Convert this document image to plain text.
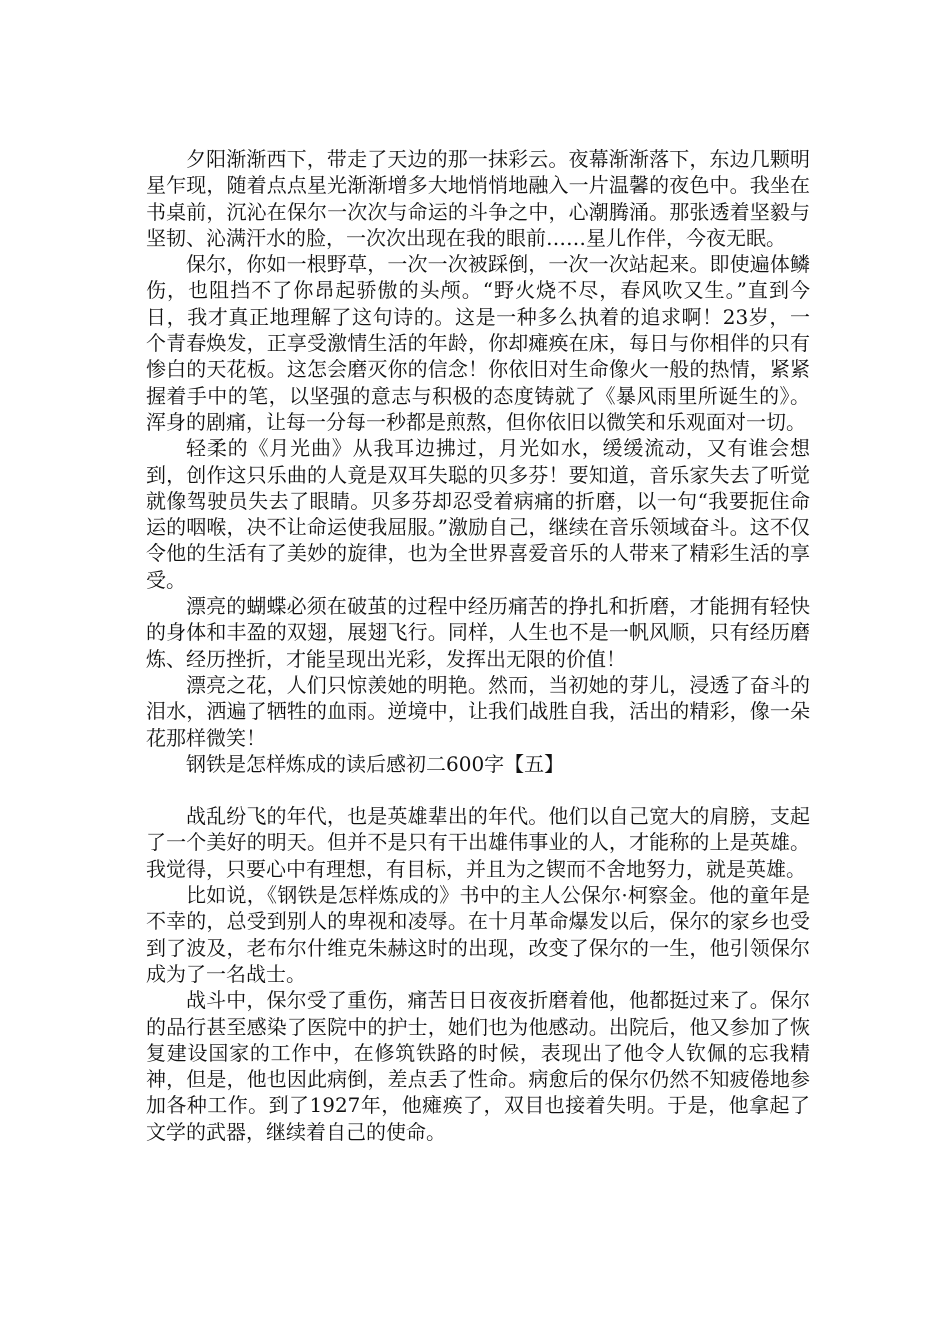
夕阳渐渐西下，带走了天边的那一抹彩云。夜幕渐渐落下，东边几颗明星乍现，随着点点星光渐渐增多大地悄悄地融入一片温馨的夜色中。我坐在书桌前，沉沁在保尔一次次与命运的斗争之中，心潮腾涌。那张透着坚毅与坚韧、沁满汗水的脸，一次次出现在我的眼前……星儿作伴，今夜无眠。

保尔，你如一根野草，一次一次被踩倒，一次一次站起来。即使遍体鳞伤，也阻挡不了你昂起骄傲的头颅。“野火烧不尽，春风吹又生。”直到今日，我才真正地理解了这句诗的。这是一种多么执着的追求啊！23岁，一个青春焕发，正享受激情生活的年龄，你却瘫痪在床，每日与你相伴的只有惨白的天花板。这怎会磨灭你的信念！你依旧对生命像火一般的热情，紧紧握着手中的笔，以坚强的意志与积极的态度铸就了《暴风雨里所诞生的》。浑身的剧痛，让每一分每一秒都是煎熬，但你依旧以微笑和乐观面对一切。

轻柔的《月光曲》从我耳边拂过，月光如水，缓缓流动，又有谁会想到，创作这只乐曲的人竟是双耳失聪的贝多芬！要知道，音乐家失去了听觉就像驾驶员失去了眼睛。贝多芬却忍受着病痛的折磨，以一句“我要扼住命运的咽喉，决不让命运使我屈服。”激励自己，继续在音乐领域奋斗。这不仅令他的生活有了美妙的旋律，也为全世界喜爱音乐的人带来了精彩生活的享受。

漂亮的蝴蝶必须在破茧的过程中经历痛苦的挣扎和折磨，才能拥有轻快的身体和丰盈的双翅，展翅飞行。同样，人生也不是一帆风顺，只有经历磨炼、经历挫折，才能呈现出光彩，发挥出无限的价值！

漂亮之花，人们只惊羡她的明艳。然而，当初她的芽儿，浸透了奋斗的泪水，洒遍了牺牲的血雨。逆境中，让我们战胜自我，活出的精彩，像一朵花那样微笑！

钢铁是怎样炼成的读后感初二600字【五】

战乱纷飞的年代，也是英雄辈出的年代。他们以自己宽大的肩膀，支起了一个美好的明天。但并不是只有干出雄伟事业的人，才能称的上是英雄。我觉得，只要心中有理想，有目标，并且为之锲而不舍地努力，就是英雄。

比如说，《钢铁是怎样炼成的》书中的主人公保尔·柯察金。他的童年是不幸的，总受到别人的卑视和凌辱。在十月革命爆发以后，保尔的家乡也受到了波及，老布尔什维克朱赫这时的出现，改变了保尔的一生，他引领保尔成为了一名战士。

战斗中，保尔受了重伤，痛苦日日夜夜折磨着他，他都挺过来了。保尔的品行甚至感染了医院中的护士，她们也为他感动。出院后，他又参加了恢复建设国家的工作中，在修筑铁路的时候，表现出了他令人钦佩的忘我精神，但是，他也因此病倒，差点丢了性命。病愈后的保尔仍然不知疲倦地参加各种工作。到了1927年，他瘫痪了，双目也接着失明。于是，他拿起了文学的武器，继续着自己的使命。
